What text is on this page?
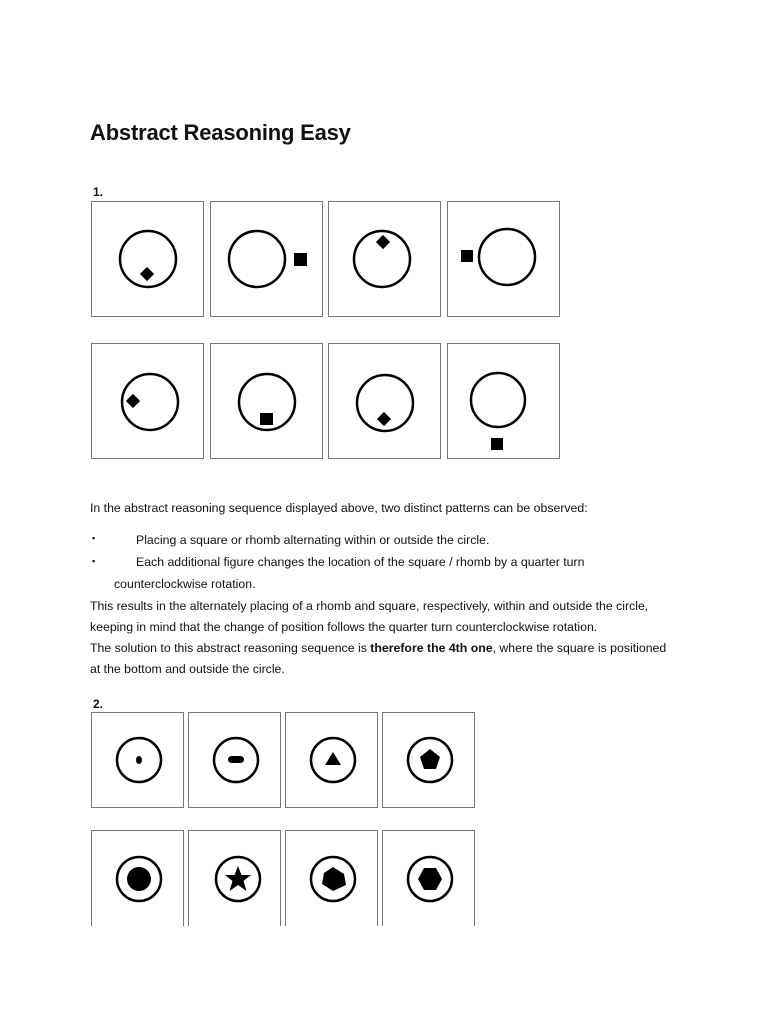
Abstract Reasoning Easy
1.
In the abstract reasoning sequence displayed above, two distinct patterns can be observed:
▪	Placing a square or rhomb alternating within or outside the circle.
▪	Each additional figure changes the location of the square / rhomb by a quarter turn
counterclockwise rotation.
This results in the alternately placing of a rhomb and square, respectively, within and outside the circle, keeping in mind that the change of position follows the quarter turn counterclockwise rotation.
The solution to this abstract reasoning sequence is therefore the 4th one, where the square is positioned at the bottom and outside the circle.
2.
